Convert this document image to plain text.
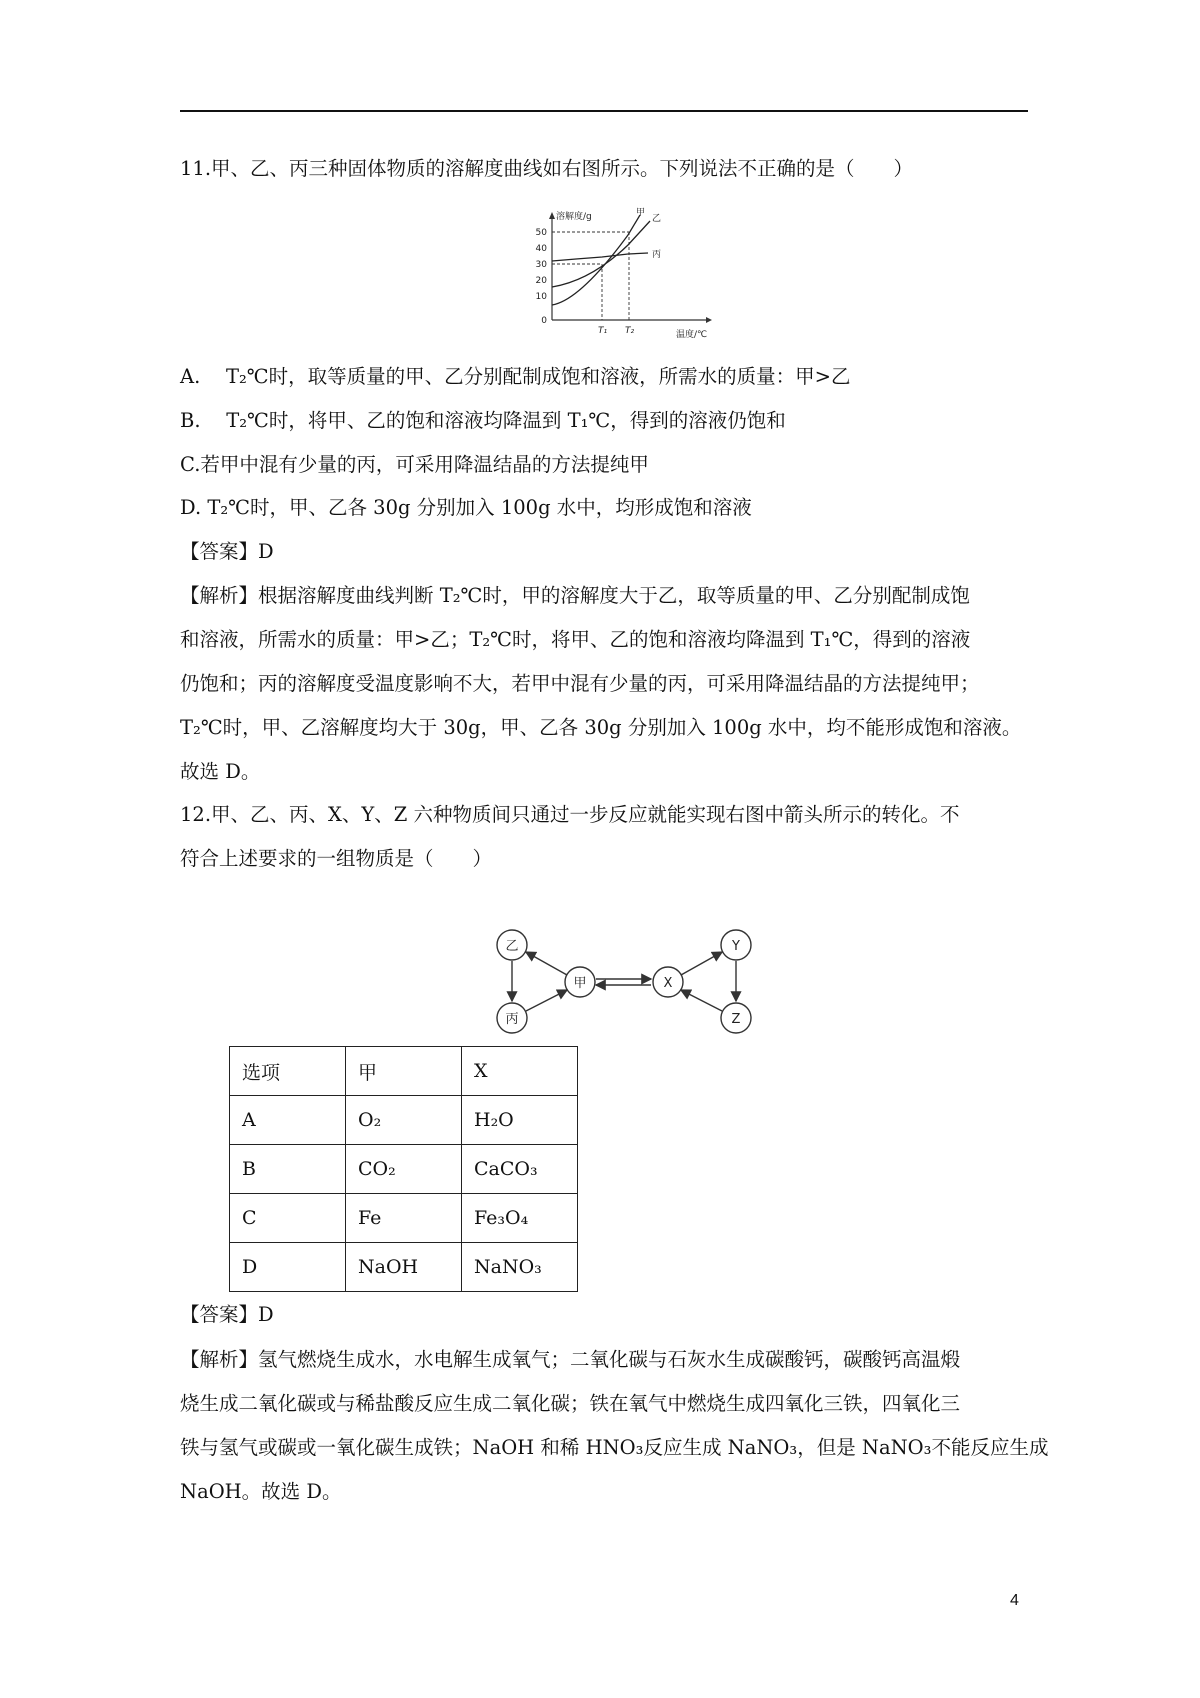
11.甲、乙、丙三种固体物质的溶解度曲线如右图所示。下列说法不正确的是（　　）
溶解度/g
温度/℃
50
40
30
20
10
0
甲
乙
丙
T₁ T₂
A.　 T₂℃时，取等质量的甲、乙分别配制成饱和溶液，所需水的质量：甲>乙
B.　 T₂℃时，将甲、乙的饱和溶液均降温到 T₁℃，得到的溶液仍饱和
C.若甲中混有少量的丙，可采用降温结晶的方法提纯甲
D. T₂℃时，甲、乙各 30g 分别加入 100g 水中，均形成饱和溶液
【答案】D
【解析】根据溶解度曲线判断 T₂℃时，甲的溶解度大于乙，取等质量的甲、乙分别配制成饱
和溶液，所需水的质量：甲>乙；T₂℃时，将甲、乙的饱和溶液均降温到 T₁℃，得到的溶液
仍饱和；丙的溶解度受温度影响不大，若甲中混有少量的丙，可采用降温结晶的方法提纯甲；
T₂℃时，甲、乙溶解度均大于 30g，甲、乙各 30g 分别加入 100g 水中，均不能形成饱和溶液。
故选 D。
12.甲、乙、丙、X、Y、Z 六种物质间只通过一步反应就能实现右图中箭头所示的转化。不
符合上述要求的一组物质是（　　）
乙
丙
甲	X
Y
Z
选项	甲	X
A	O₂	H₂O
B	CO₂	CaCO₃
C	Fe	Fe₃O₄
D	NaOH	NaNO₃
【答案】D
【解析】氢气燃烧生成水，水电解生成氧气；二氧化碳与石灰水生成碳酸钙，碳酸钙高温煅
烧生成二氧化碳或与稀盐酸反应生成二氧化碳；铁在氧气中燃烧生成四氧化三铁，四氧化三
铁与氢气或碳或一氧化碳生成铁；NaOH 和稀 HNO₃反应生成 NaNO₃，但是 NaNO₃不能反应生成
NaOH。故选 D。
4
